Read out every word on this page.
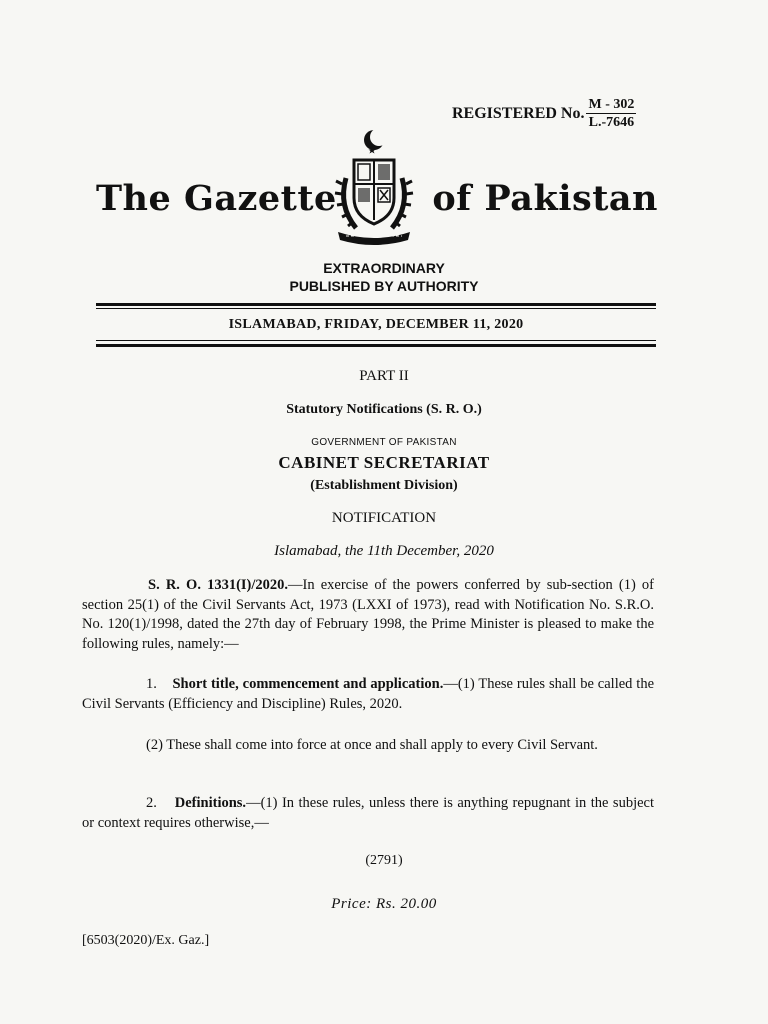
REGISTERED No. $\frac{M - 302}{L.-7646}$
The Gazette	of Pakistan
EXTRAORDINARY
PUBLISHED BY AUTHORITY
ISLAMABAD, FRIDAY, DECEMBER 11, 2020
PART II
Statutory Notifications (S. R. O.)
GOVERNMENT OF PAKISTAN
CABINET SECRETARIAT
(Establishment Division)
NOTIFICATION
Islamabad, the 11th December, 2020
S. R. O. 1331(I)/2020.—In exercise of the powers conferred by sub-section (1) of section 25(1) of the Civil Servants Act, 1973 (LXXI of 1973), read with Notification No. S.R.O. No. 120(1)/1998, dated the 27th day of February 1998, the Prime Minister is pleased to make the following rules, namely:—
1. Short title, commencement and application.—(1) These rules shall be called the Civil Servants (Efficiency and Discipline) Rules, 2020.
(2) These shall come into force at once and shall apply to every Civil Servant.
2. Definitions.—(1) In these rules, unless there is anything repugnant in the subject or context requires otherwise,—
(2791)
Price: Rs. 20.00
[6503(2020)/Ex. Gaz.]
